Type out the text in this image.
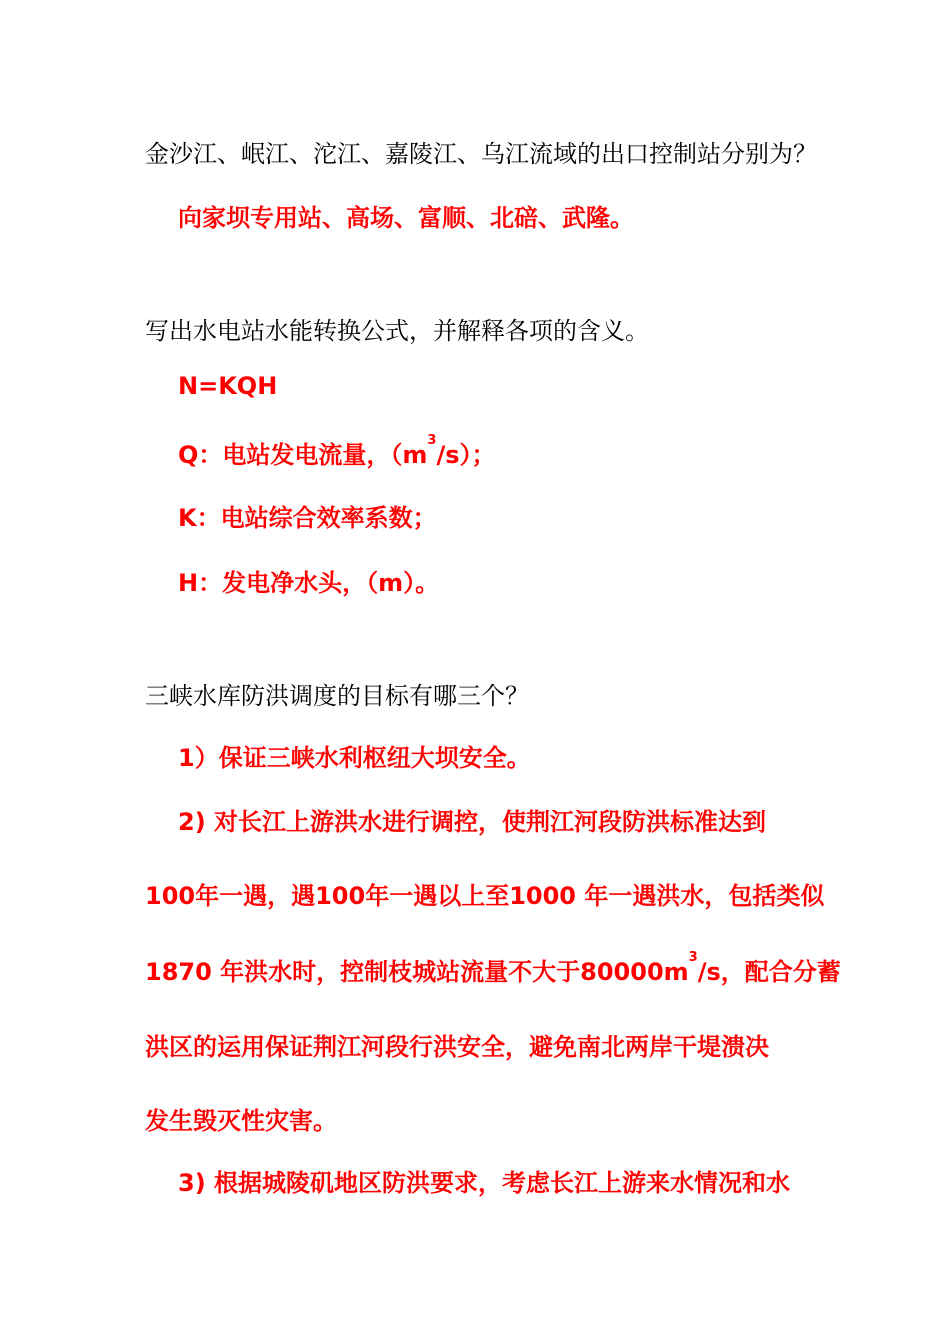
金沙江、岷江、沱江、嘉陵江、乌江流域的出口控制站分别为？
向家坝专用站、高场、富顺、北碚、武隆。
写出水电站水能转换公式，并解释各项的含义。
N=KQH
Q：电站发电流量，$(m^3/s)$；
K：电站综合效率系数；
H：发电净水头，（m）。
三峡水库防洪调度的目标有哪三个？
1）保证三峡水利枢纽大坝安全。
2) 对长江上游洪水进行调控，使荆江河段防洪标准达到
100年一遇，遇100年一遇以上至1000 年一遇洪水，包括类似
1870 年洪水时，控制枝城站流量不大于$80000m^3/s$，配合分蓄
洪区的运用保证荆江河段行洪安全，避免南北两岸干堤溃决
发生毁灭性灾害。
3) 根据城陵矶地区防洪要求，考虑长江上游来水情况和水
